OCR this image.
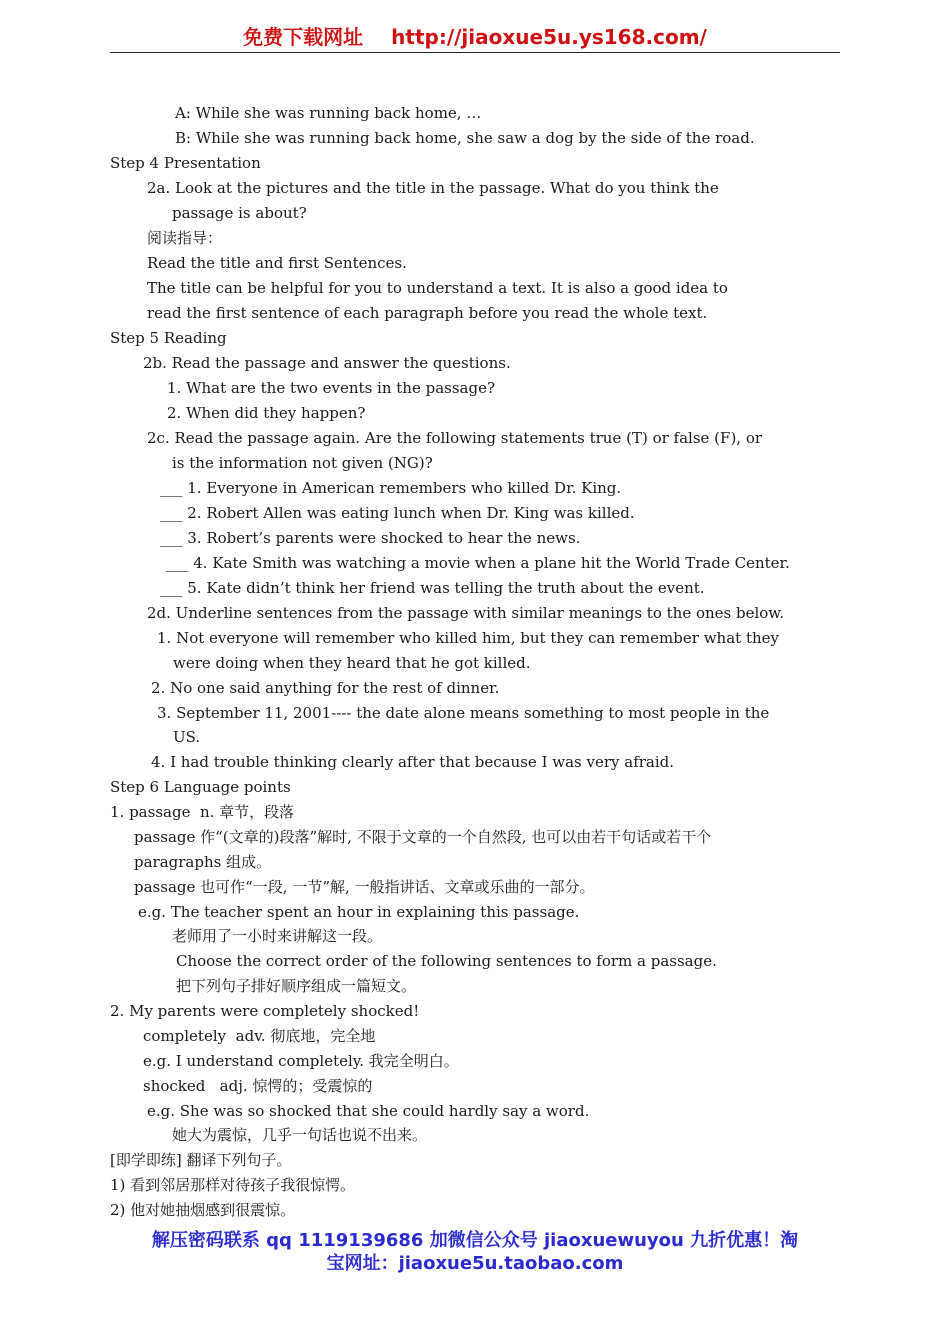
免费下载网址 http://jiaoxue5u.ys168.com/
A: While she was running back home, …
B: While she was running back home, she saw a dog by the side of the road.
Step 4 Presentation
2a. Look at the pictures and the title in the passage. What do you think the
passage is about?
阅读指导：
Read the title and first Sentences.
The title can be helpful for you to understand a text. It is also a good idea to
read the first sentence of each paragraph before you read the whole text.
Step 5 Reading
2b. Read the passage and answer the questions.
1. What are the two events in the passage?
2. When did they happen?
2c. Read the passage again. Are the following statements true (T) or false (F), or
is the information not given (NG)?
___ 1. Everyone in American remembers who killed Dr. King.
___ 2. Robert Allen was eating lunch when Dr. King was killed.
___ 3. Robert’s parents were shocked to hear the news.
___ 4. Kate Smith was watching a movie when a plane hit the World Trade Center.
___ 5. Kate didn’t think her friend was telling the truth about the event.
2d. Underline sentences from the passage with similar meanings to the ones below.
1. Not everyone will remember who killed him, but they can remember what they
were doing when they heard that he got killed.
2. No one said anything for the rest of dinner.
3. September 11, 2001---- the date alone means something to most people in the
US.
4. I had trouble thinking clearly after that because I was very afraid.
Step 6 Language points
1. passage  n. 章节，段落
passage 作“(文章的)段落”解时, 不限于文章的一个自然段, 也可以由若干句话或若干个
paragraphs 组成。
passage 也可作“一段, 一节”解, 一般指讲话、文章或乐曲的一部分。
e.g. The teacher spent an hour in explaining this passage.
老师用了一小时来讲解这一段。
Choose the correct order of the following sentences to form a passage.
把下列句子排好顺序组成一篇短文。
2. My parents were completely shocked!
completely  adv. 彻底地，完全地
e.g. I understand completely. 我完全明白。
shocked   adj. 惊愕的；受震惊的
e.g. She was so shocked that she could hardly say a word.
她大为震惊，几乎一句话也说不出来。
[即学即练] 翻译下列句子。
1) 看到邻居那样对待孩子我很惊愕。
2) 他对她抽烟感到很震惊。
解压密码联系 qq 1119139686 加微信公众号 jiaoxuewuyou 九折优惠！淘
宝网址：jiaoxue5u.taobao.com
